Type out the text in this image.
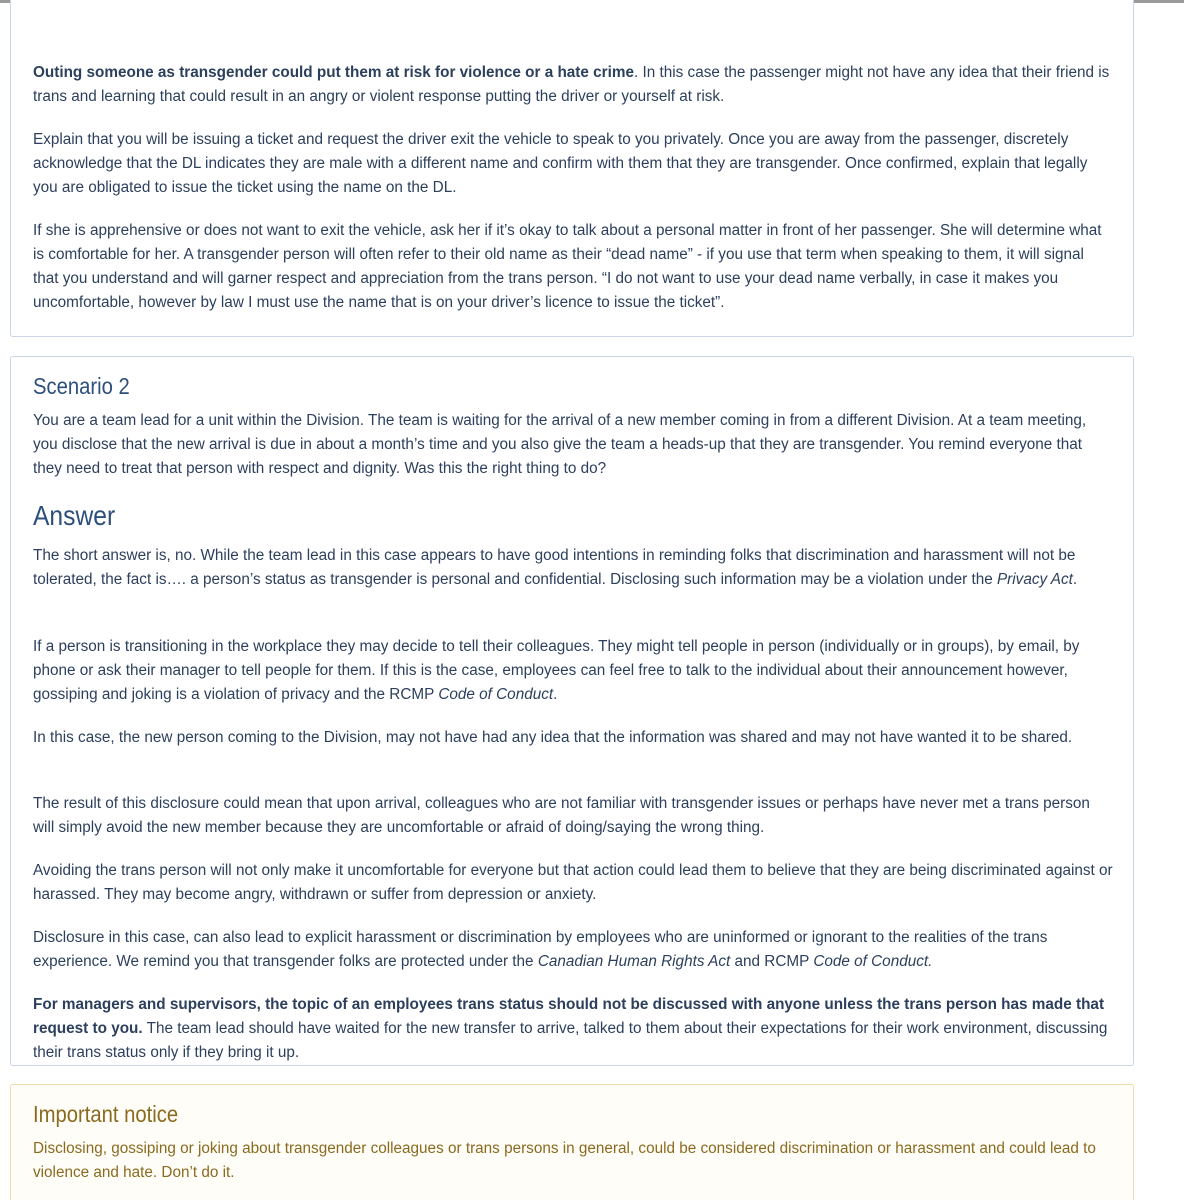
Outing someone as transgender could put them at risk for violence or a hate crime. In this case the passenger might not have any idea that their friend is trans and learning that could result in an angry or violent response putting the driver or yourself at risk.

Explain that you will be issuing a ticket and request the driver exit the vehicle to speak to you privately. Once you are away from the passenger, discretely acknowledge that the DL indicates they are male with a different name and confirm with them that they are transgender. Once confirmed, explain that legally you are obligated to issue the ticket using the name on the DL.

If she is apprehensive or does not want to exit the vehicle, ask her if it’s okay to talk about a personal matter in front of her passenger. She will determine what is comfortable for her. A transgender person will often refer to their old name as their “dead name” - if you use that term when speaking to them, it will signal that you understand and will garner respect and appreciation from the trans person. “I do not want to use your dead name verbally, in case it makes you uncomfortable, however by law I must use the name that is on your driver’s licence to issue the ticket”.

Scenario 2

You are a team lead for a unit within the Division. The team is waiting for the arrival of a new member coming in from a different Division. At a team meeting, you disclose that the new arrival is due in about a month’s time and you also give the team a heads-up that they are transgender. You remind everyone that they need to treat that person with respect and dignity. Was this the right thing to do?

Answer

The short answer is, no. While the team lead in this case appears to have good intentions in reminding folks that discrimination and harassment will not be tolerated, the fact is…. a person’s status as transgender is personal and confidential. Disclosing such information may be a violation under the Privacy Act.

If a person is transitioning in the workplace they may decide to tell their colleagues. They might tell people in person (individually or in groups), by email, by phone or ask their manager to tell people for them. If this is the case, employees can feel free to talk to the individual about their announcement however, gossiping and joking is a violation of privacy and the RCMP Code of Conduct.

In this case, the new person coming to the Division, may not have had any idea that the information was shared and may not have wanted it to be shared.

The result of this disclosure could mean that upon arrival, colleagues who are not familiar with transgender issues or perhaps have never met a trans person will simply avoid the new member because they are uncomfortable or afraid of doing/saying the wrong thing.

Avoiding the trans person will not only make it uncomfortable for everyone but that action could lead them to believe that they are being discriminated against or harassed. They may become angry, withdrawn or suffer from depression or anxiety.

Disclosure in this case, can also lead to explicit harassment or discrimination by employees who are uninformed or ignorant to the realities of the trans experience. We remind you that transgender folks are protected under the Canadian Human Rights Act and RCMP Code of Conduct.

For managers and supervisors, the topic of an employees trans status should not be discussed with anyone unless the trans person has made that request to you. The team lead should have waited for the new transfer to arrive, talked to them about their expectations for their work environment, discussing their trans status only if they bring it up.

Important notice

Disclosing, gossiping or joking about transgender colleagues or trans persons in general, could be considered discrimination or harassment and could lead to violence and hate. Don’t do it.
